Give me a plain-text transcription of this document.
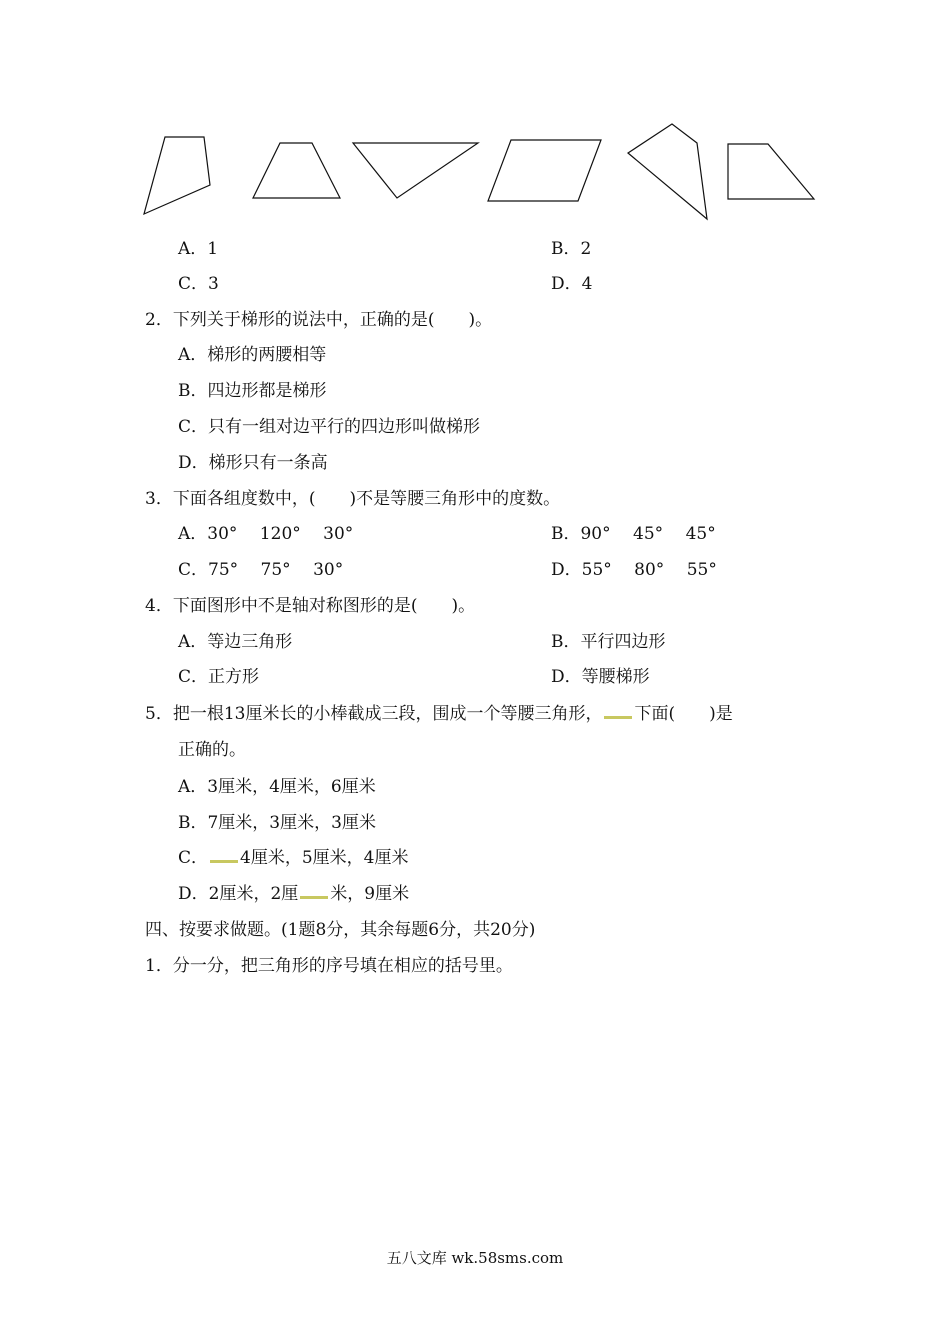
A．1	B．2
C．3	D．4
2．下列关于梯形的说法中，正确的是(　　)。
A．梯形的两腰相等
B．四边形都是梯形
C．只有一组对边平行的四边形叫做梯形
D．梯形只有一条高
3．下面各组度数中，(　　)不是等腰三角形中的度数。
A．30°　 120°　 30°	B．90°　 45°　 45°
C．75°　 75°　 30°	D．55°　 80°　 55°
4．下面图形中不是轴对称图形的是(　　)。
A．等边三角形	B．平行四边形
C．正方形	D．等腰梯形
5．把一根13厘米长的小棒截成三段，围成一个等腰三角形， 下面(　　)是
正确的。
A．3厘米，4厘米，6厘米
B．7厘米，3厘米，3厘米
C． 4厘米，5厘米，4厘米
D．2厘米，2厘 米，9厘米
四、按要求做题。(1题8分，其余每题6分，共20分)
1．分一分，把三角形的序号填在相应的括号里。
五八文库 wk.58sms.com
